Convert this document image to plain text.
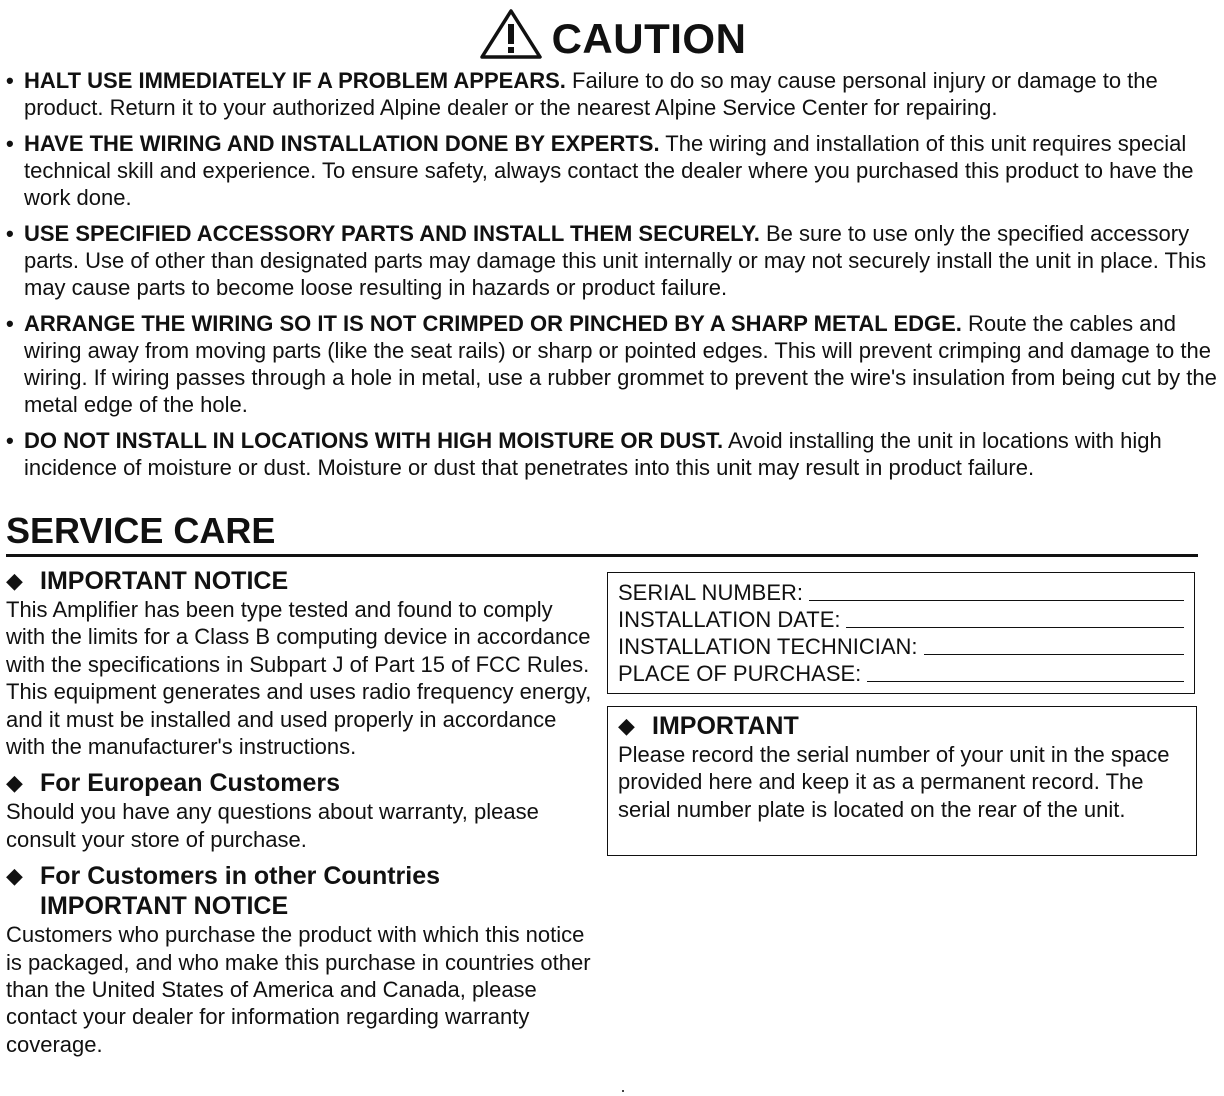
CAUTION
• HALT USE IMMEDIATELY IF A PROBLEM APPEARS. Failure to do so may cause personal injury or damage to the product. Return it to your authorized Alpine dealer or the nearest Alpine Service Center for repairing.
• HAVE THE WIRING AND INSTALLATION DONE BY EXPERTS. The wiring and installation of this unit requires special technical skill and experience. To ensure safety, always contact the dealer where you purchased this product to have the work done.
• USE SPECIFIED ACCESSORY PARTS AND INSTALL THEM SECURELY. Be sure to use only the specified accessory parts. Use of other than designated parts may damage this unit internally or may not securely install the unit in place. This may cause parts to become loose resulting in hazards or product failure.
• ARRANGE THE WIRING SO IT IS NOT CRIMPED OR PINCHED BY A SHARP METAL EDGE. Route the cables and wiring away from moving parts (like the seat rails) or sharp or pointed edges. This will prevent crimping and damage to the wiring. If wiring passes through a hole in metal, use a rubber grommet to prevent the wire's insulation from being cut by the metal edge of the hole.
• DO NOT INSTALL IN LOCATIONS WITH HIGH MOISTURE OR DUST. Avoid installing the unit in locations with high incidence of moisture or dust. Moisture or dust that penetrates into this unit may result in product failure.
SERVICE CARE
◆ IMPORTANT NOTICE
This Amplifier has been type tested and found to comply with the limits for a Class B computing device in accordance with the specifications in Subpart J of Part 15 of FCC Rules. This equipment generates and uses radio frequency energy, and it must be installed and used properly in accordance with the manufacturer's instructions.
◆ For European Customers
Should you have any questions about warranty, please consult your store of purchase.
◆ For Customers in other Countries
IMPORTANT NOTICE
Customers who purchase the product with which this notice is packaged, and who make this purchase in countries other than the United States of America and Canada, please contact your dealer for information regarding warranty coverage.
SERIAL NUMBER:
INSTALLATION DATE:
INSTALLATION TECHNICIAN:
PLACE OF PURCHASE:
◆ IMPORTANT
Please record the serial number of your unit in the space provided here and keep it as a permanent record. The serial number plate is located on the rear of the unit.
